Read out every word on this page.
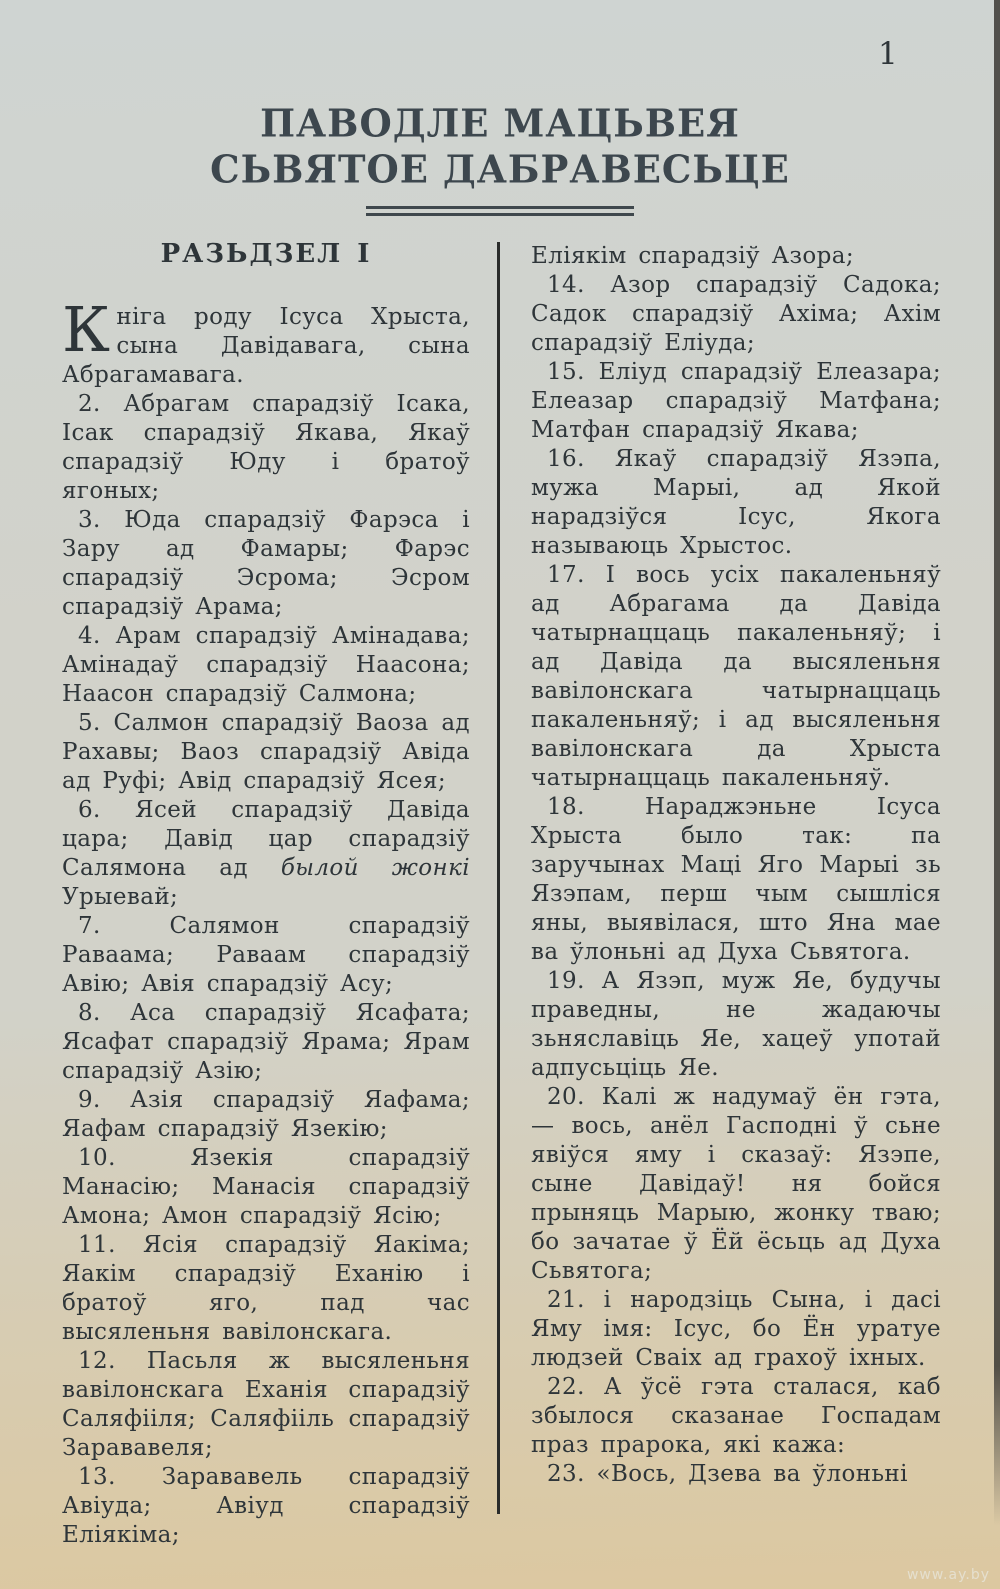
1
ПАВОДЛЕ МАЦЬВЕЯ
СЬВЯТОЕ ДАБРАВЕСЬЦЕ
РАЗЬДЗЕЛ I

Кніга роду Ісуса Хрыста, сына Давідавага, сына Абрагамавага.

2. Абрагам спарадзіў Ісака, Ісак спарадзіў Якава, Якаў спарадзіў Юду і братоў ягоных;

3. Юда спарадзіў Фарэса і Зару ад Фамары; Фарэс спарадзіў Эсрома; Эсром спарадзіў Арама;

4. Арам спарадзіў Амінадава; Амінадаў спарадзіў Наасона; Наасон спарадзіў Салмона;

5. Салмон спарадзіў Ваоза ад Рахавы; Ваоз спарадзіў Авіда ад Руфі; Авід спарадзіў Ясея;

6. Ясей спарадзіў Давіда цара; Давід цар спарадзіў Салямона ад былой жонкі Урыевай;

7.	Салямон спарадзіў Раваама; Раваам спарадзіў Авію; Авія спарадзіў Асу;

8. Аса спарадзіў Ясафата; Ясафат спарадзіў Ярама; Ярам спарадзіў Азію;

9. Азія спарадзіў Яафама; Яафам спарадзіў Язекію;

10.	Язекія спарадзіў Манасію; Манасія спарадзіў Амона; Амон спарадзіў Ясію;

11. Ясія спарадзіў Яакіма; Яакім спарадзіў Еханію і братоў яго, пад час высяленьня вавілонскага.

12. Пасьля ж высяленьня вавілонскага Еханія спарадзіў Саляфііля; Саляфііль спарадзіў Зарававеля;

13. Зарававель спарадзіў Авіуда; Авіуд спарадзіў Еліякіма;

Еліякім спарадзіў Азора;

14. Азор спарадзіў Садока; Садок спарадзіў Ахіма; Ахім спарадзіў Еліуда;

15. Еліуд спарадзіў Елеазара; Елеазар спарадзіў Матфана; Матфан спарадзіў Якава;

16. Якаў спарадзіў Язэпа, мужа Марыі, ад Якой нарадзіўся Ісус, Якога называюць Хрыстос.

17. І вось усіх пакаленьняў ад Абрагама да Давіда чатырнаццаць пакаленьняў; і ад Давіда да высяленьня вавілонскага чатырнаццаць пакаленьняў; і ад высяленьня вавілонскага да Хрыста чатырнаццаць пакаленьняў.

18.	Нараджэньне Ісуса Хрыста было так: па заручынах Маці Яго Марыі зь Язэпам, перш чым сышліся яны, выявілася, што Яна мае ва ўлоньні ад Духа Сьвятога.

19. А Язэп, муж Яе, будучы праведны, не жадаючы зьняславіць Яе, хацеў употай адпусьціць Яе.

20. Калі ж надумаў ён гэта, — вось, анёл Гасподні ў сьне явіўся яму і сказаў: Язэпе, сыне Давідаў! ня бойся прыняць Марыю, жонку тваю; бо зачатае ў Ёй ёсьць ад Духа Сьвятога;

21. і народзіць Сына, і дасі Яму імя: Ісус, бо Ён уратуе людзей Сваіх ад грахоў іхных.

22. А ўсё гэта сталася, каб збылося сказанае Госпадам праз прарока, які кажа:

23. «Вось, Дзева ва ўлоньні

www.ay.by
